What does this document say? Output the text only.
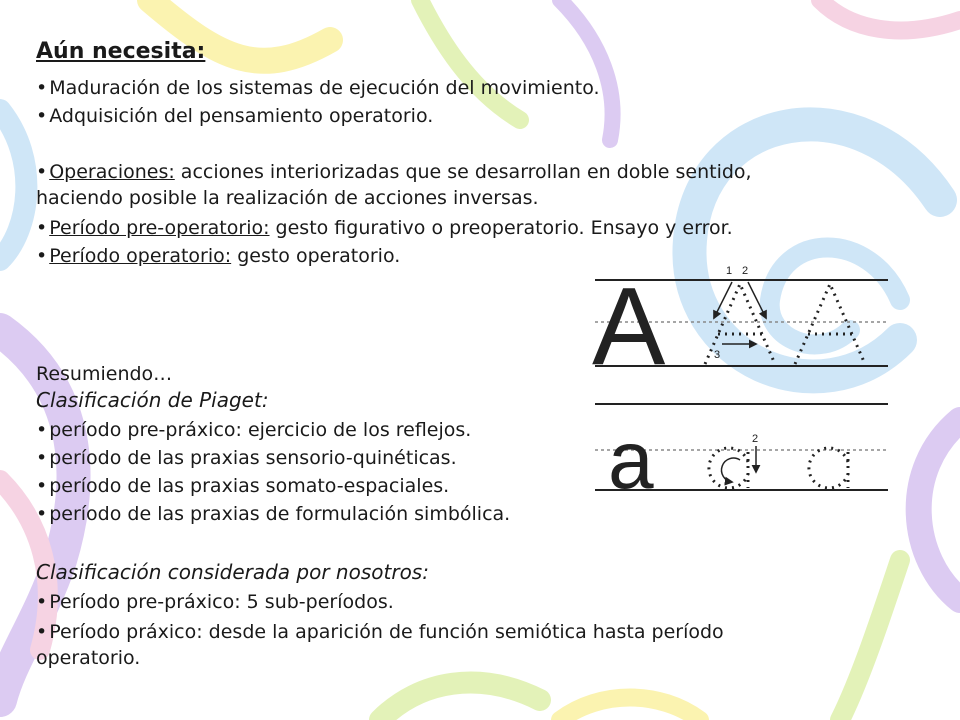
Aún necesita:
• Maduración de los sistemas de ejecución del movimiento.
• Adquisición del pensamiento operatorio.
• Operaciones: acciones interiorizadas que se desarrollan en doble sentido,
haciendo posible la realización de acciones inversas.
• Período pre-operatorio: gesto figurativo o preoperatorio. Ensayo y error.
• Período operatorio: gesto operatorio.
Resumiendo…
Clasificación de Piaget:
• período pre-práxico: ejercicio de los reflejos.
• período de las praxias sensorio-quinéticas.
• período de las praxias somato-espaciales.
• período de las praxias de formulación simbólica.
Clasificación considerada por nosotros:
• Período pre-práxico: 5 sub-períodos.
• Período práxico: desde la aparición de función semiótica hasta período
operatorio.
A	1 2
3
a	2
